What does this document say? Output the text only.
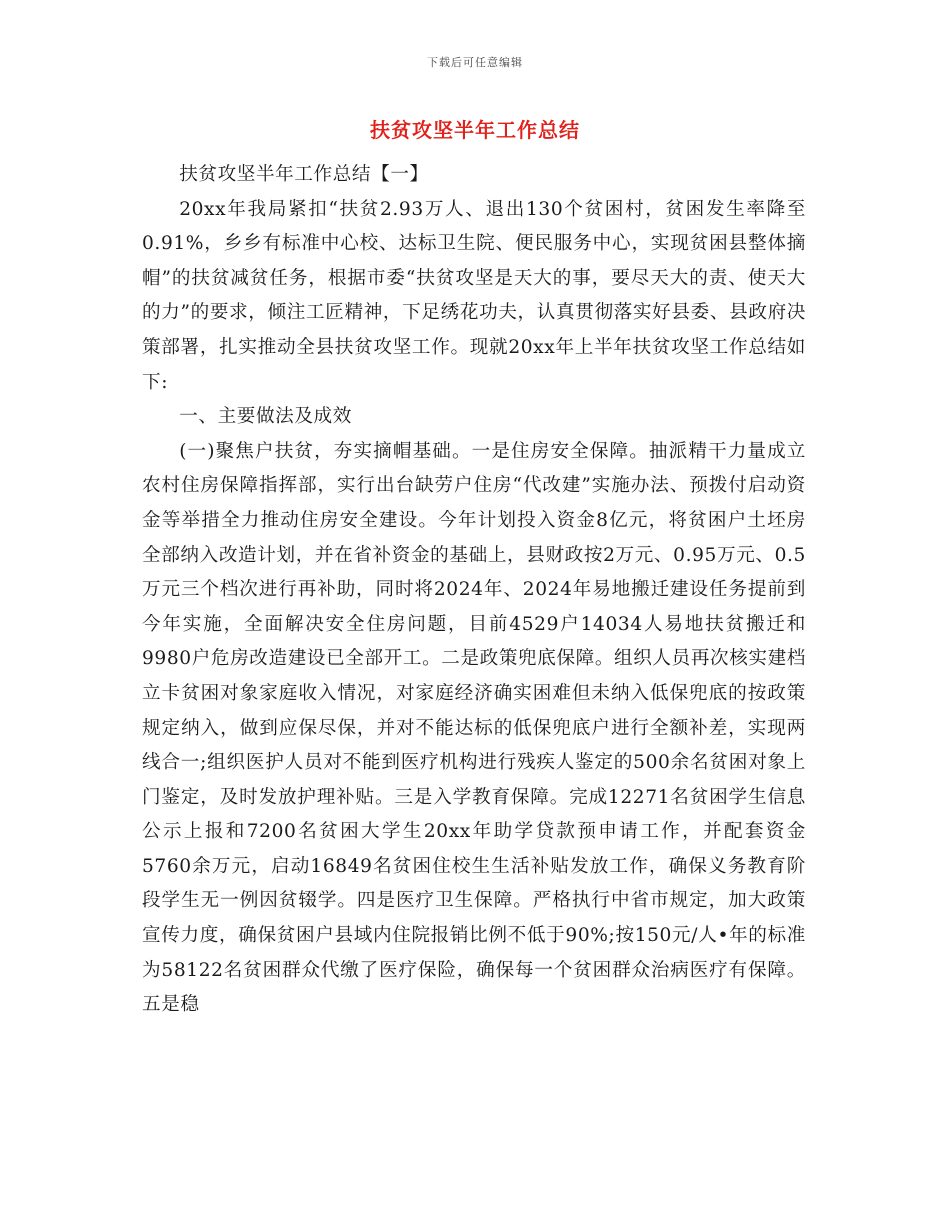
下载后可任意编辑
扶贫攻坚半年工作总结

扶贫攻坚半年工作总结【一】

20xx年我局紧扣“扶贫2.93万人、退出130个贫困村，贫困发生率降至0.91%，乡乡有标准中心校、达标卫生院、便民服务中心，实现贫困县整体摘帽”的扶贫减贫任务，根据市委“扶贫攻坚是天大的事，要尽天大的责、使天大的力”的要求，倾注工匠精神，下足绣花功夫，认真贯彻落实好县委、县政府决策部署，扎实推动全县扶贫攻坚工作。现就20xx年上半年扶贫攻坚工作总结如下:

一、主要做法及成效

(一)聚焦户扶贫，夯实摘帽基础。一是住房安全保障。抽派精干力量成立农村住房保障指挥部，实行出台缺劳户住房“代改建”实施办法、预拨付启动资金等举措全力推动住房安全建设。今年计划投入资金8亿元，将贫困户土坯房全部纳入改造计划，并在省补资金的基础上，县财政按2万元、0.95万元、0.5万元三个档次进行再补助，同时将2024年、2024年易地搬迁建设任务提前到今年实施，全面解决安全住房问题，目前4529户14034人易地扶贫搬迁和9980户危房改造建设已全部开工。二是政策兜底保障。组织人员再次核实建档立卡贫困对象家庭收入情况，对家庭经济确实困难但未纳入低保兜底的按政策规定纳入，做到应保尽保，并对不能达标的低保兜底户进行全额补差，实现两线合一;组织医护人员对不能到医疗机构进行残疾人鉴定的500余名贫困对象上门鉴定，及时发放护理补贴。三是入学教育保障。完成12271名贫困学生信息公示上报和7200名贫困大学生20xx年助学贷款预申请工作，并配套资金5760余万元，启动16849名贫困住校生生活补贴发放工作，确保义务教育阶段学生无一例因贫辍学。四是医疗卫生保障。严格执行中省市规定，加大政策宣传力度，确保贫困户县域内住院报销比例不低于90%;按150元/人•年的标准为58122名贫困群众代缴了医疗保险，确保每一个贫困群众治病医疗有保障。五是稳
